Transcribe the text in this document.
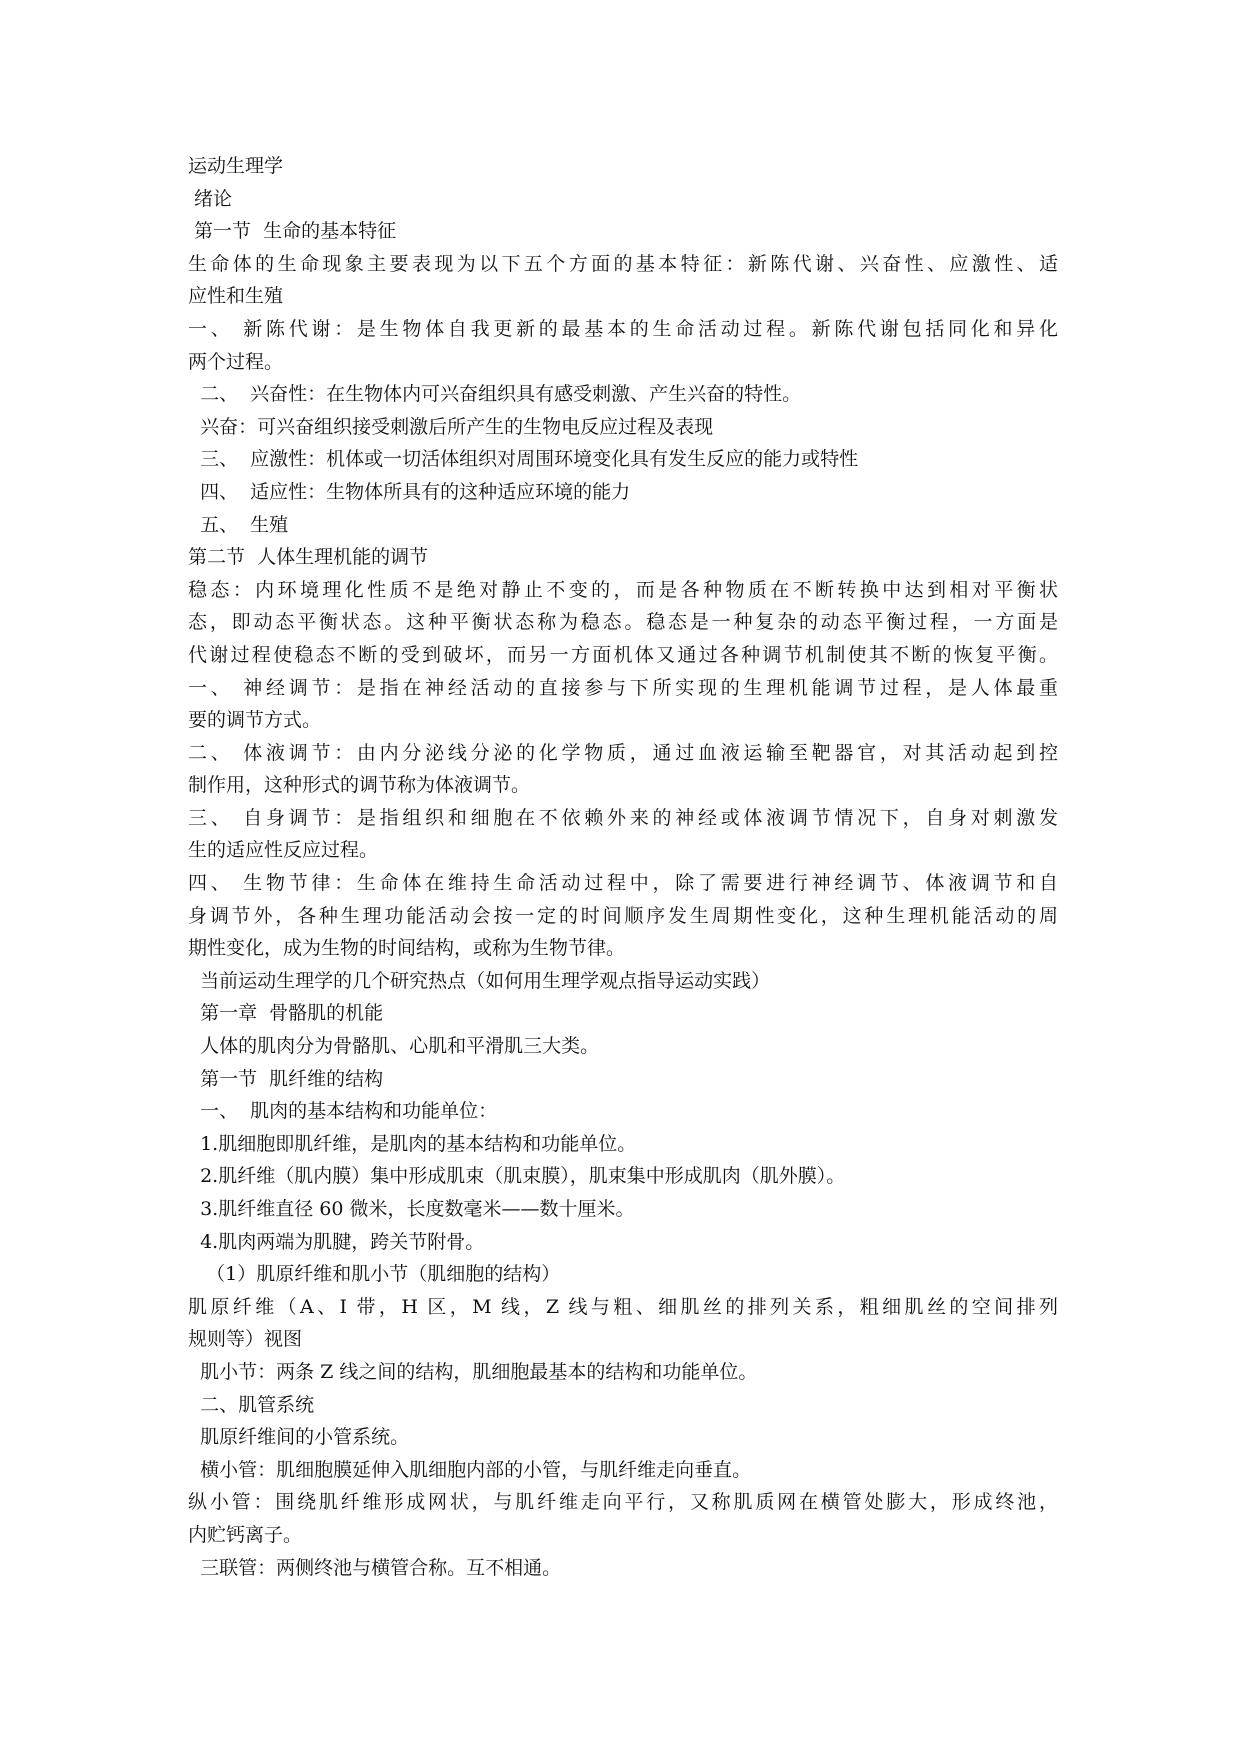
运动生理学
绪论
第一节  生命的基本特征
生命体的生命现象主要表现为以下五个方面的基本特征：新陈代谢、兴奋性、应激性、适
应性和生殖
一、 新陈代谢：是生物体自我更新的最基本的生命活动过程。新陈代谢包括同化和异化
两个过程。
二、  兴奋性：在生物体内可兴奋组织具有感受刺激、产生兴奋的特性。
兴奋：可兴奋组织接受刺激后所产生的生物电反应过程及表现
三、  应激性：机体或一切活体组织对周围环境变化具有发生反应的能力或特性
四、  适应性：生物体所具有的这种适应环境的能力
五、  生殖
第二节  人体生理机能的调节
稳态：内环境理化性质不是绝对静止不变的，而是各种物质在不断转换中达到相对平衡状
态，即动态平衡状态。这种平衡状态称为稳态。稳态是一种复杂的动态平衡过程，一方面是
代谢过程使稳态不断的受到破坏，而另一方面机体又通过各种调节机制使其不断的恢复平衡。
一、 神经调节：是指在神经活动的直接参与下所实现的生理机能调节过程，是人体最重
要的调节方式。
二、 体液调节：由内分泌线分泌的化学物质，通过血液运输至靶器官，对其活动起到控
制作用，这种形式的调节称为体液调节。
三、 自身调节：是指组织和细胞在不依赖外来的神经或体液调节情况下，自身对刺激发
生的适应性反应过程。
四、 生物节律：生命体在维持生命活动过程中，除了需要进行神经调节、体液调节和自
身调节外，各种生理功能活动会按一定的时间顺序发生周期性变化，这种生理机能活动的周
期性变化，成为生物的时间结构，或称为生物节律。
当前运动生理学的几个研究热点（如何用生理学观点指导运动实践）
第一章  骨骼肌的机能
人体的肌肉分为骨骼肌、心肌和平滑肌三大类。
第一节  肌纤维的结构
一、  肌肉的基本结构和功能单位：
1.肌细胞即肌纤维，是肌肉的基本结构和功能单位。
2.肌纤维（肌内膜）集中形成肌束（肌束膜），肌束集中形成肌肉（肌外膜）。
3.肌纤维直径 60 微米，长度数毫米——数十厘米。
4.肌肉两端为肌腱，跨关节附骨。
（1）肌原纤维和肌小节（肌细胞的结构）
肌原纤维（A、I 带，H 区，M 线，Z 线与粗、细肌丝的排列关系，粗细肌丝的空间排列
规则等）视图
肌小节：两条 Z 线之间的结构，肌细胞最基本的结构和功能单位。
二、肌管系统
肌原纤维间的小管系统。
横小管：肌细胞膜延伸入肌细胞内部的小管，与肌纤维走向垂直。
纵小管：围绕肌纤维形成网状，与肌纤维走向平行，又称肌质网在横管处膨大，形成终池，
内贮钙离子。
三联管：两侧终池与横管合称。互不相通。
